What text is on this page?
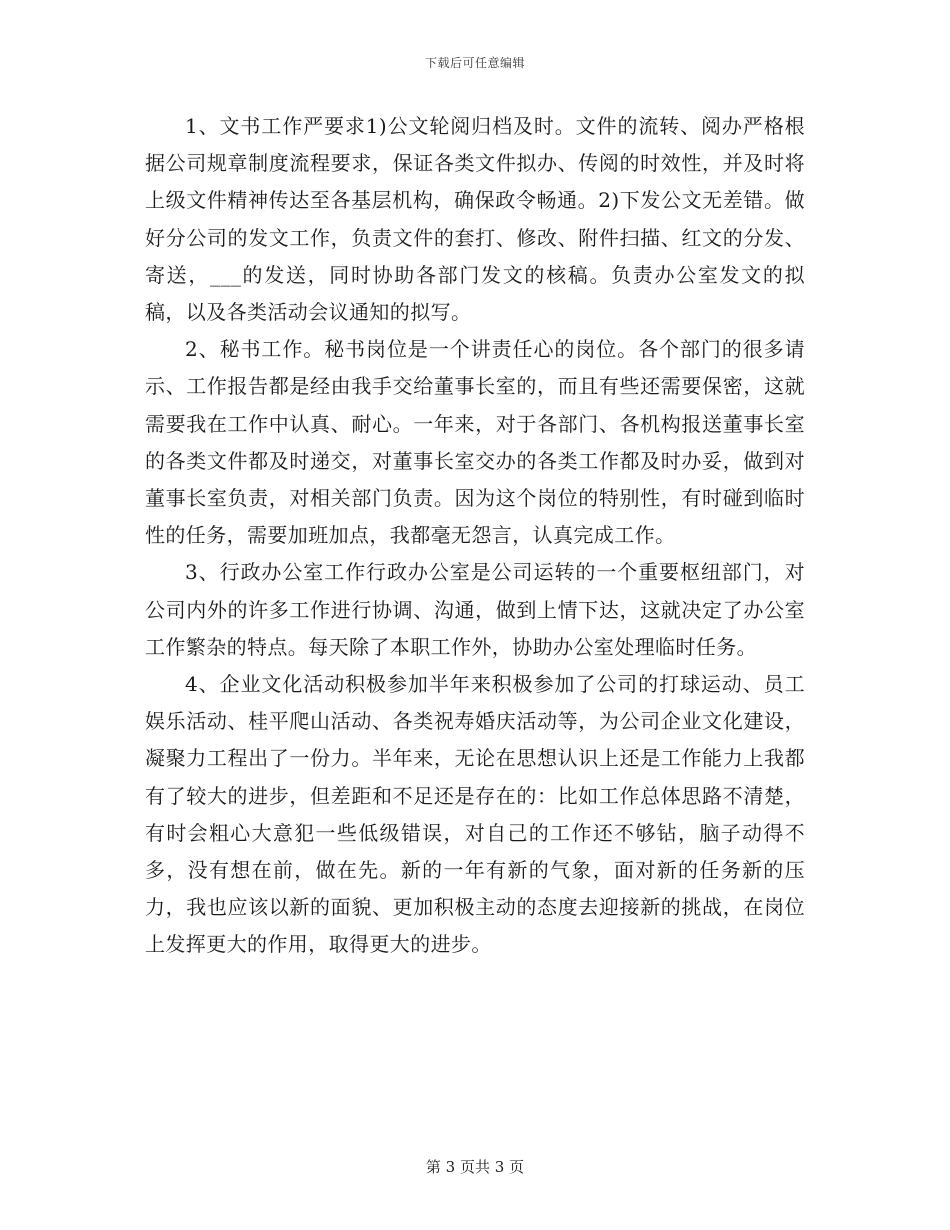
下载后可任意编辑

1、文书工作严要求1)公文轮阅归档及时。文件的流转、阅办严格根据公司规章制度流程要求，保证各类文件拟办、传阅的时效性，并及时将上级文件精神传达至各基层机构，确保政令畅通。2)下发公文无差错。做好分公司的发文工作，负责文件的套打、修改、附件扫描、红文的分发、寄送，___的发送，同时协助各部门发文的核稿。负责办公室发文的拟稿，以及各类活动会议通知的拟写。

2、秘书工作。秘书岗位是一个讲责任心的岗位。各个部门的很多请示、工作报告都是经由我手交给董事长室的，而且有些还需要保密，这就需要我在工作中认真、耐心。一年来，对于各部门、各机构报送董事长室的各类文件都及时递交，对董事长室交办的各类工作都及时办妥，做到对董事长室负责，对相关部门负责。因为这个岗位的特别性，有时碰到临时性的任务，需要加班加点，我都毫无怨言，认真完成工作。

3、行政办公室工作行政办公室是公司运转的一个重要枢纽部门，对公司内外的许多工作进行协调、沟通，做到上情下达，这就决定了办公室工作繁杂的特点。每天除了本职工作外，协助办公室处理临时任务。

4、企业文化活动积极参加半年来积极参加了公司的打球运动、员工娱乐活动、桂平爬山活动、各类祝寿婚庆活动等，为公司企业文化建设，凝聚力工程出了一份力。半年来，无论在思想认识上还是工作能力上我都有了较大的进步，但差距和不足还是存在的：比如工作总体思路不清楚，有时会粗心大意犯一些低级错误，对自己的工作还不够钻，脑子动得不多，没有想在前，做在先。新的一年有新的气象，面对新的任务新的压力，我也应该以新的面貌、更加积极主动的态度去迎接新的挑战，在岗位上发挥更大的作用，取得更大的进步。

第 3 页共 3 页
